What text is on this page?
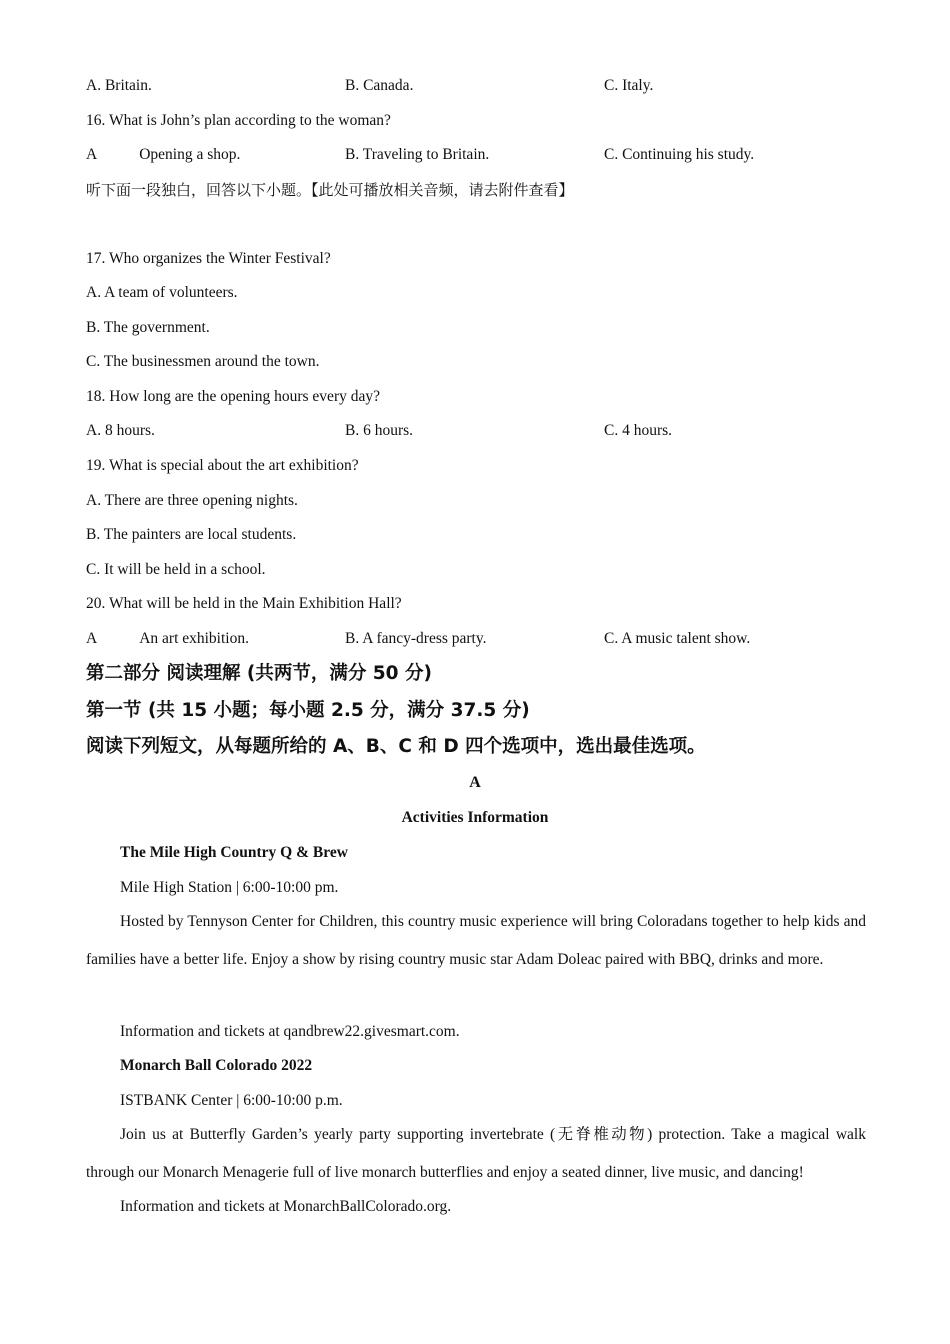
A. Britain.	B. Canada.	C. Italy.
16. What is John’s plan according to the woman?
A	Opening a shop.	B. Traveling to Britain.	C. Continuing his study.
听下面一段独白，回答以下小题。【此处可播放相关音频，请去附件查看】
17. Who organizes the Winter Festival?
A. A team of volunteers.
B. The government.
C. The businessmen around the town.
18. How long are the opening hours every day?
A. 8 hours.	B. 6 hours.	C. 4 hours.
19. What is special about the art exhibition?
A. There are three opening nights.
B. The painters are local students.
C. It will be held in a school.
20. What will be held in the Main Exhibition Hall?
A	An art exhibition.	B. A fancy-dress party.	C. A music talent show.
第二部分 阅读理解 (共两节，满分 50 分)
第一节 (共 15 小题；每小题 2.5 分，满分 37.5 分)
阅读下列短文，从每题所给的 A、B、C 和 D 四个选项中，选出最佳选项。
A
Activities Information
The Mile High Country Q & Brew
Mile High Station | 6:00-10:00 pm.
Hosted by Tennyson Center for Children, this country music experience will bring Coloradans together to help kids and families have a better life. Enjoy a show by rising country music star Adam Doleac paired with BBQ, drinks and more.
Information and tickets at qandbrew22.givesmart.com.
Monarch Ball Colorado 2022
ISTBANK Center | 6:00-10:00 p.m.
Join us at Butterfly Garden’s yearly party supporting invertebrate (无脊椎动物) protection. Take a magical walk through our Monarch Menagerie full of live monarch butterflies and enjoy a seated dinner, live music, and dancing!
Information and tickets at MonarchBallColorado.org.
